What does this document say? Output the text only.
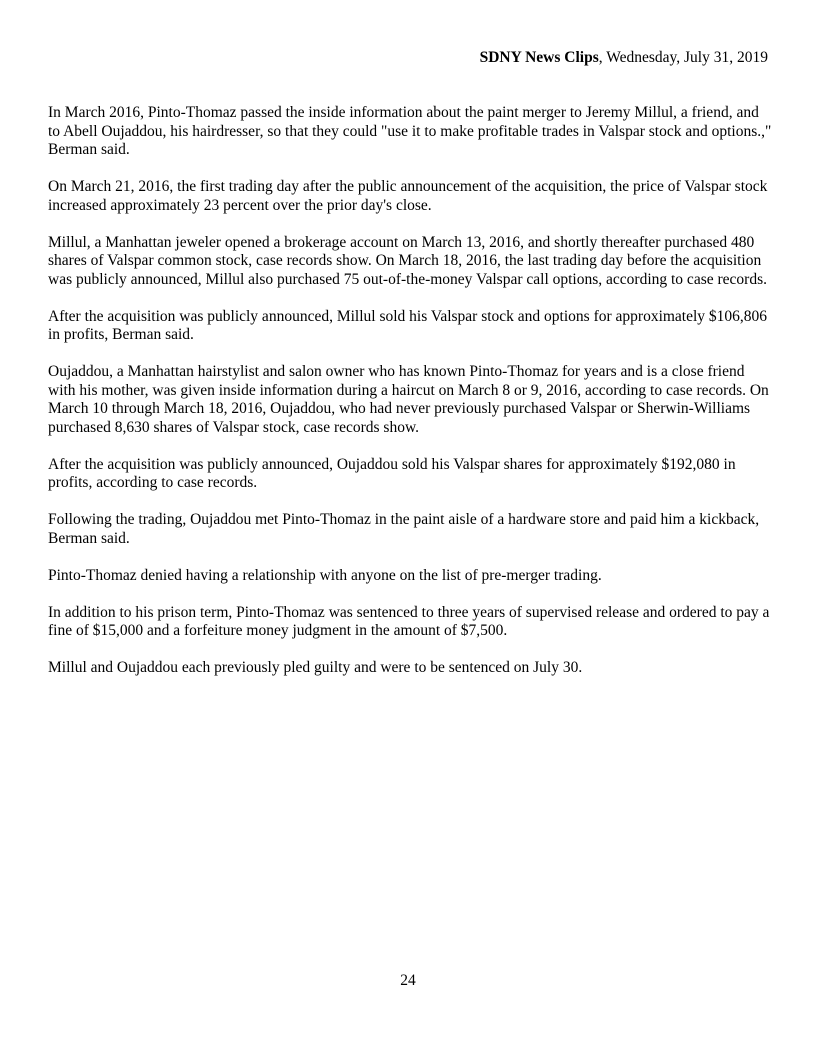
SDNY News Clips, Wednesday, July 31, 2019

In March 2016, Pinto-Thomaz passed the inside information about the paint merger to Jeremy Millul, a friend, and to Abell Oujaddou, his hairdresser, so that they could "use it to make profitable trades in Valspar stock and options.," Berman said.

On March 21, 2016, the first trading day after the public announcement of the acquisition, the price of Valspar stock increased approximately 23 percent over the prior day's close.

Millul, a Manhattan jeweler opened a brokerage account on March 13, 2016, and shortly thereafter purchased 480 shares of Valspar common stock, case records show. On March 18, 2016, the last trading day before the acquisition was publicly announced, Millul also purchased 75 out-of-the-money Valspar call options, according to case records.

After the acquisition was publicly announced, Millul sold his Valspar stock and options for approximately $106,806 in profits, Berman said.

Oujaddou, a Manhattan hairstylist and salon owner who has known Pinto-Thomaz for years and is a close friend with his mother, was given inside information during a haircut on March 8 or 9, 2016, according to case records. On March 10 through March 18, 2016, Oujaddou, who had never previously purchased Valspar or Sherwin-Williams purchased 8,630 shares of Valspar stock, case records show.

After the acquisition was publicly announced, Oujaddou sold his Valspar shares for approximately $192,080 in profits, according to case records.

Following the trading, Oujaddou met Pinto-Thomaz in the paint aisle of a hardware store and paid him a kickback, Berman said.

Pinto-Thomaz denied having a relationship with anyone on the list of pre-merger trading.

In addition to his prison term, Pinto-Thomaz was sentenced to three years of supervised release and ordered to pay a fine of $15,000 and a forfeiture money judgment in the amount of $7,500.

Millul and Oujaddou each previously pled guilty and were to be sentenced on July 30.

24
